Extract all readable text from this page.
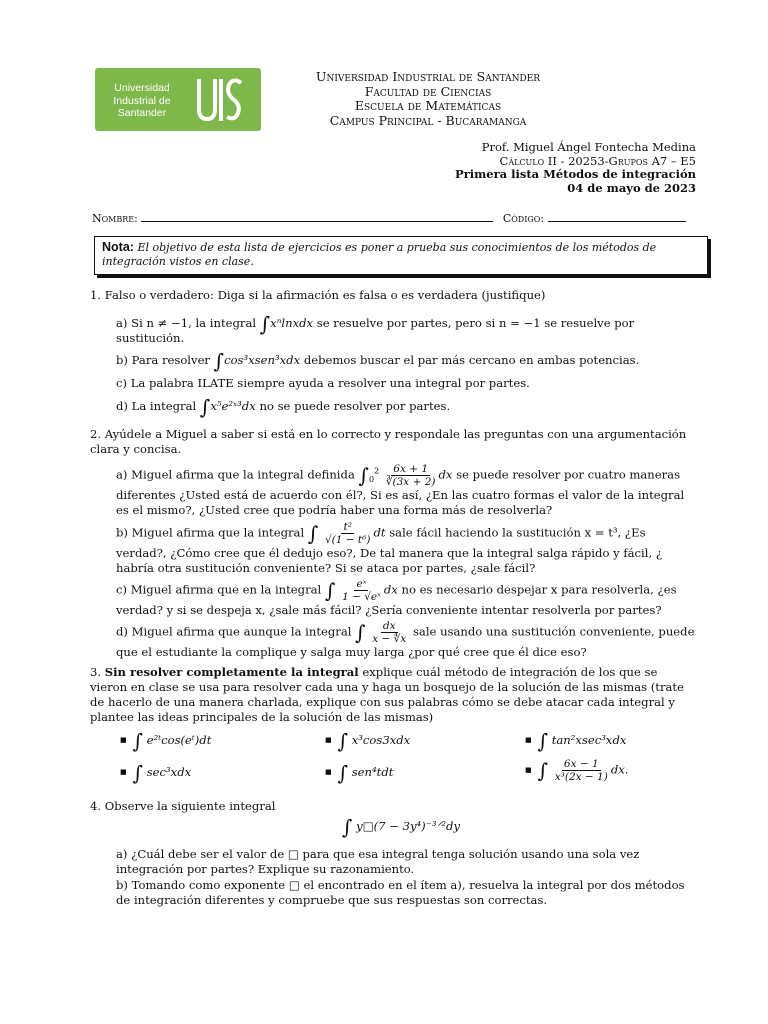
Universidad
Industrial de
Santander
Universidad Industrial de Santander
Facultad de Ciencias
Escuela de Matemáticas
Campus Principal - Bucaramanga
Prof. Miguel Ángel Fontecha Medina
Cálculo II - 20253-Grupos A7 – E5
Primera lista Métodos de integración
04 de mayo de 2023
Nombre:	Código:
Nota: El objetivo de esta lista de ejercicios es poner a prueba sus conocimientos de los métodos de integración vistos en clase.
1. Falso o verdadero: Diga si la afirmación es falsa o es verdadera (justifique)
a) Si n ≠ −1, la integral ∫xⁿlnxdx se resuelve por partes, pero si n = −1 se resuelve por sustitución.
b) Para resolver ∫cos³xsen³xdx debemos buscar el par más cercano en ambas potencias.
c) La palabra ILATE siempre ayuda a resolver una integral por partes.
d) La integral ∫x⁵e²ˣ³dx no se puede resolver por partes.
2. Ayúdele a Miguel a saber si está en lo correcto y respondale las preguntas con una argumentación clara y concisa.
a) Miguel afirma que la integral definida $\int_0^2 \frac{6x + 1}{∛(3x + 2)}$ dx se puede resolver por cuatro maneras diferentes ¿Usted está de acuerdo con él?, Si es así, ¿En las cuatro formas el valor de la integral es el mismo?, ¿Usted cree que podría haber una forma más de resolverla?
b) Miguel afirma que la integral ∫ $\frac{\text{t²}}{\text{√(1 − t⁶)}}$ dt sale fácil haciendo la sustitución x = t³, ¿Es verdad?, ¿Cómo cree que él dedujo eso?, De tal manera que la integral salga rápido y fácil, ¿ habría otra sustitución conveniente? Si se ataca por partes, ¿sale fácil?
c) Miguel afirma que en la integral ∫ $\frac{\text{eˣ}}{\text{1 − √eˣ}}$ dx no es necesario despejar x para resolverla, ¿es verdad? y si se despeja x, ¿sale más fácil? ¿Sería conveniente intentar resolverla por partes?
d) Miguel afirma que aunque la integral ∫ $\frac{dx}{x - ∜x}$ sale usando una sustitución conveniente, puede que el estudiante la complique y salga muy larga ¿por qué cree que él dice eso?
3. Sin resolver completamente la integral explique cuál método de integración de los que se vieron en clase se usa para resolver cada una y haga un bosquejo de la solución de las mismas (trate de hacerlo de una manera charlada, explique con sus palabras cómo se debe atacar cada integral y plantee las ideas principales de la solución de las mismas)
■ ∫ e²ᵗcos(eᵗ)dt	■ ∫ x³cos3xdx	■ ∫ tan²xsec³xdx
■ ∫ sec³xdx	■ ∫ sen⁴tdt	■ ∫ $\frac{6x - 1}{\text{x³(2x − 1)}}$ dx.
4. Observe la siguiente integral
∫ y□(7 − 3y⁴)⁻³ᐟ²dy
a) ¿Cuál debe ser el valor de □ para que esa integral tenga solución usando una sola vez integración por partes? Explique su razonamiento.
b) Tomando como exponente □ el encontrado en el ítem a), resuelva la integral por dos métodos de integración diferentes y compruebe que sus respuestas son correctas.
